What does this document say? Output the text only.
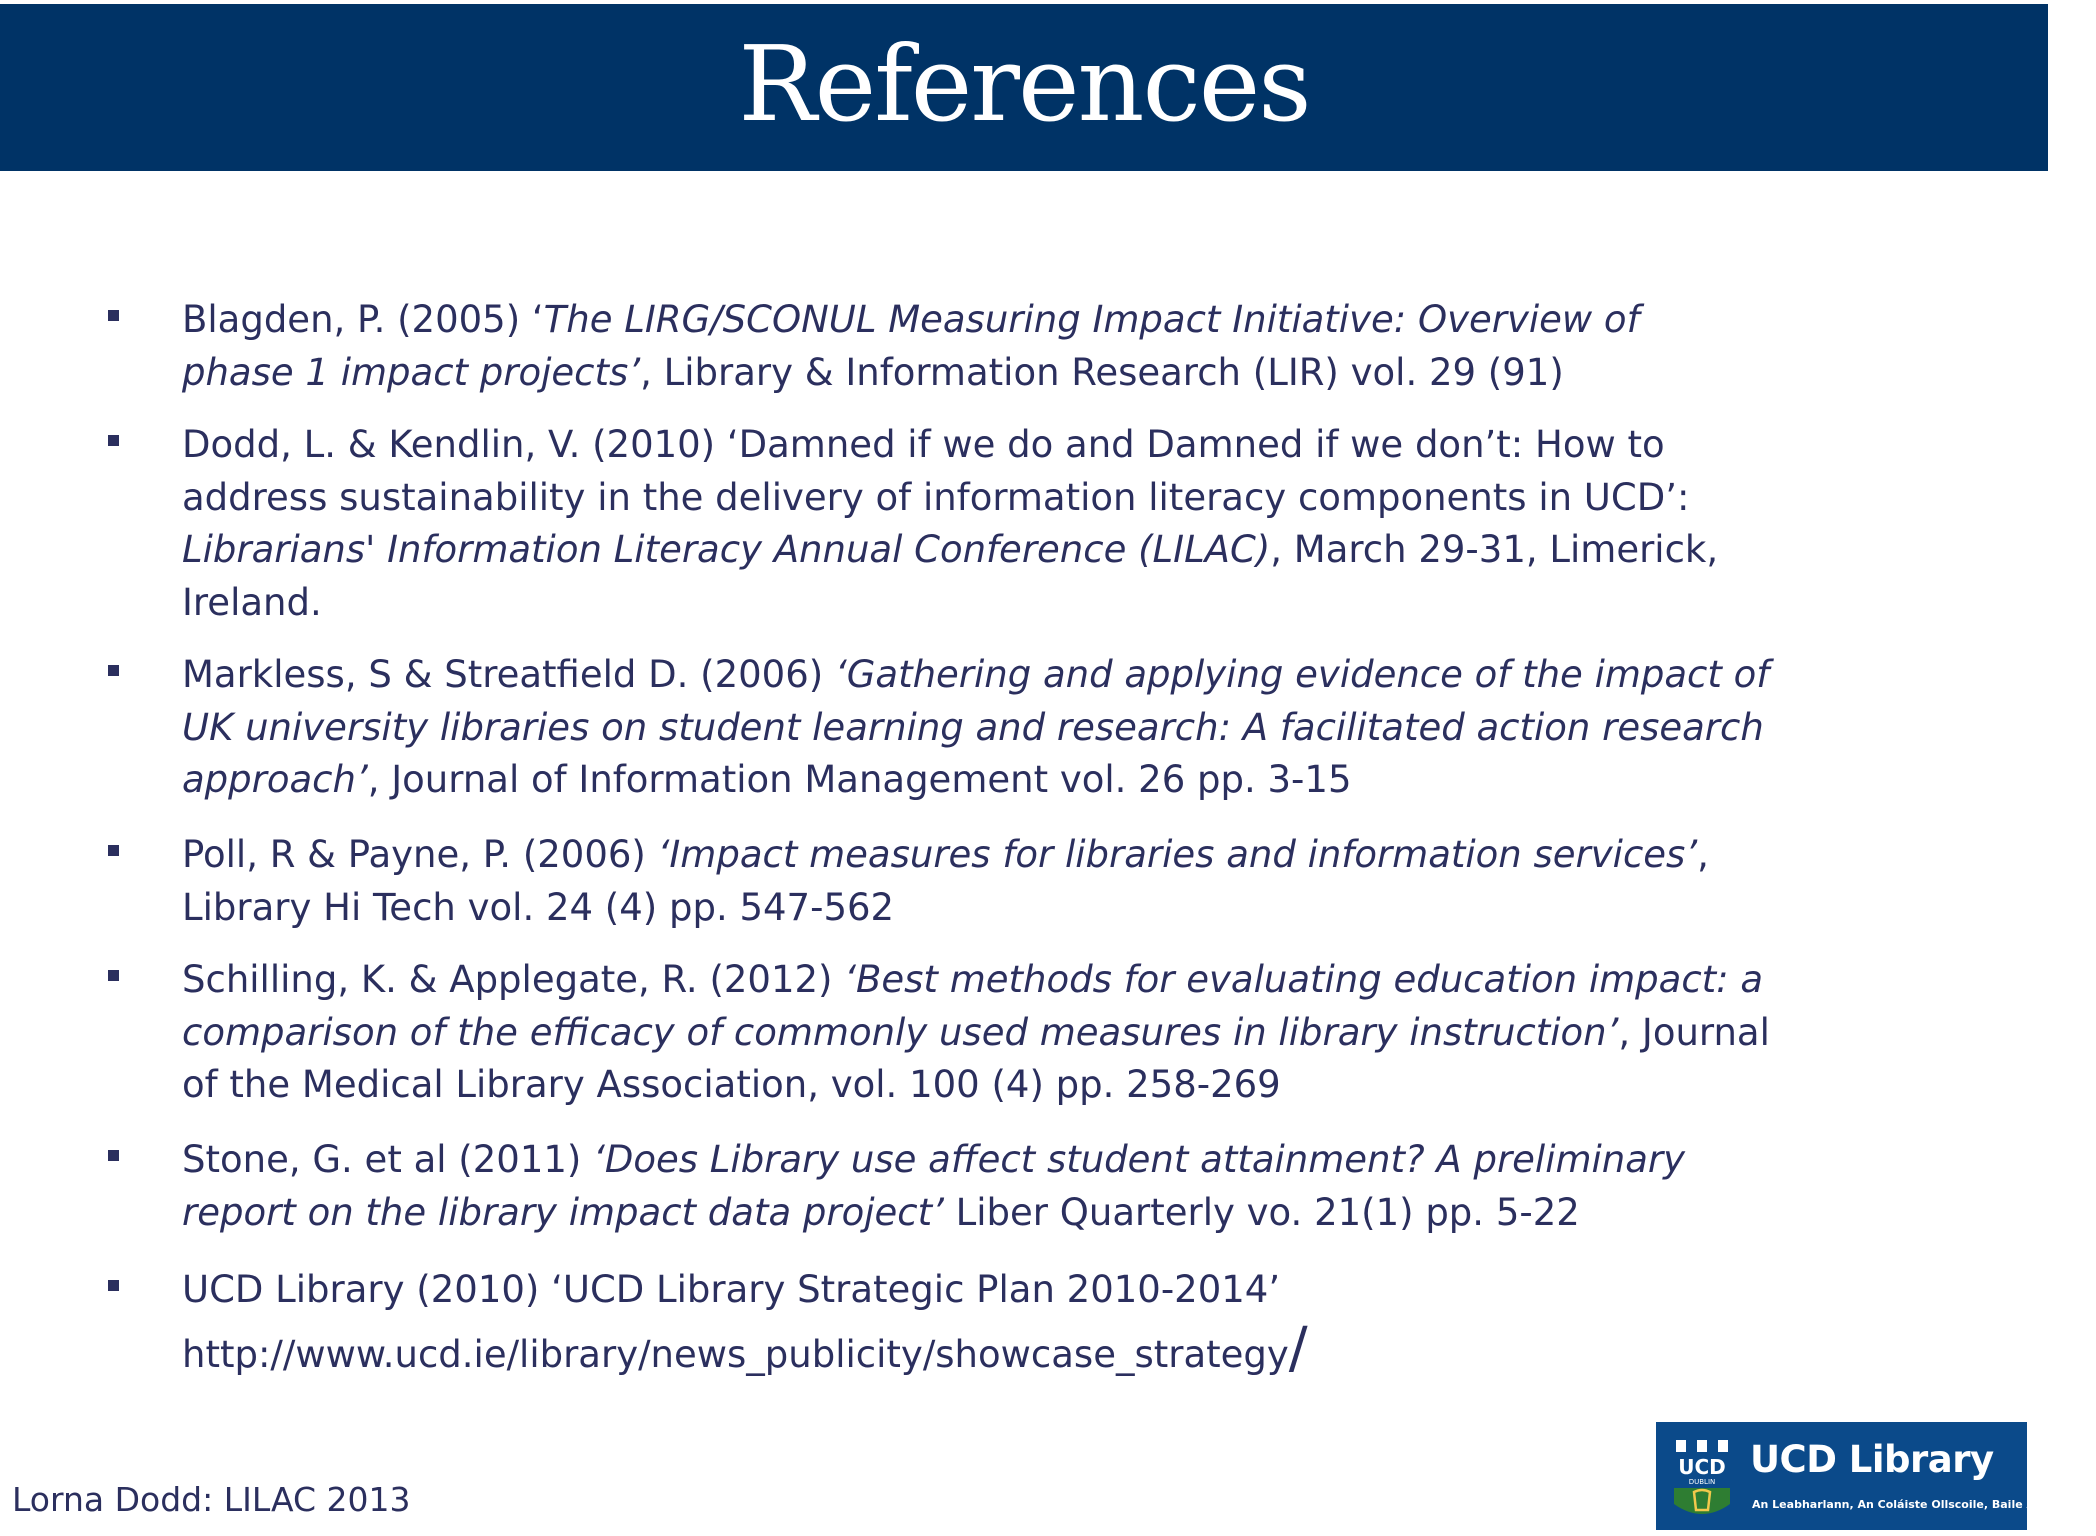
References
Blagden, P. (2005) ‘The LIRG/SCONUL Measuring Impact Initiative: Overview of
phase 1 impact projects’, Library & Information Research (LIR) vol. 29 (91)
Dodd, L. & Kendlin, V. (2010) ‘Damned if we do and Damned if we don’t: How to
address sustainability in the delivery of information literacy components in UCD’:
Librarians' Information Literacy Annual Conference (LILAC), March 29-31, Limerick,
Ireland.
Markless, S & Streatfield D. (2006) ‘Gathering and applying evidence of the impact of
UK university libraries on student learning and research: A facilitated action research
approach’, Journal of Information Management vol. 26 pp. 3-15
Poll, R & Payne, P. (2006) ‘Impact measures for libraries and information services’,
Library Hi Tech vol. 24 (4) pp. 547-562
Schilling, K. & Applegate, R. (2012) ‘Best methods for evaluating education impact: a
comparison of the efficacy of commonly used measures in library instruction’, Journal
of the Medical Library Association, vol. 100 (4) pp. 258-269
Stone, G. et al (2011) ‘Does Library use affect student attainment? A preliminary
report on the library impact data project’ Liber Quarterly vo. 21(1) pp. 5-22
UCD Library (2010) ‘UCD Library Strategic Plan 2010-2014’
http://www.ucd.ie/library/news_publicity/showcase_strategy/
Lorna Dodd: LILAC 2013
UCD
DUBLIN
UCD Library
An Leabharlann, An Coláiste Ollscoile, Baile Átha Cliath
